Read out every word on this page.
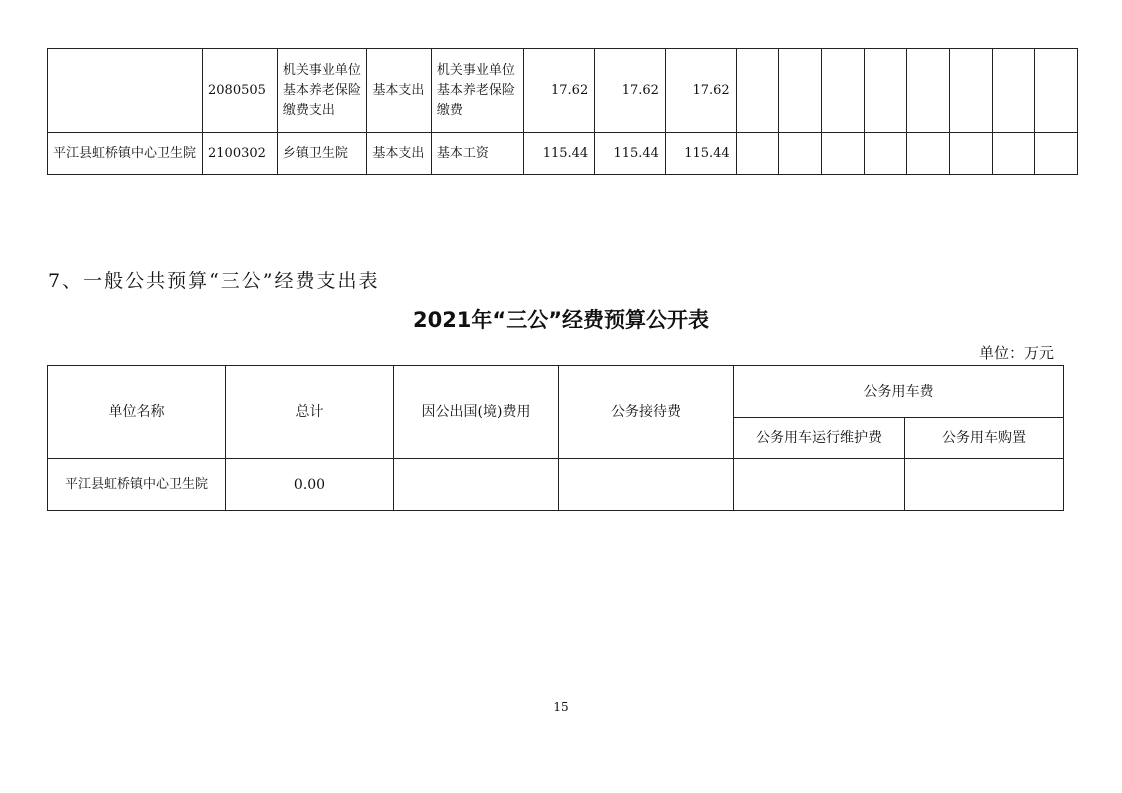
	2080505	机关事业单位基本养老保险缴费支出	基本支出	机关事业单位基本养老保险缴费	17.62	17.62	17.62								
平江县虹桥镇中心卫生院	2100302	乡镇卫生院	基本支出	基本工资	115.44	115.44	115.44								
7、一般公共预算“三公”经费支出表
2021年“三公”经费预算公开表
单位：万元
单位名称	总计	因公出国(境)费用	公务接待费	公务用车费	
				公务用车运行维护费	公务用车购置
平江县虹桥镇中心卫生院	0.00				
15
